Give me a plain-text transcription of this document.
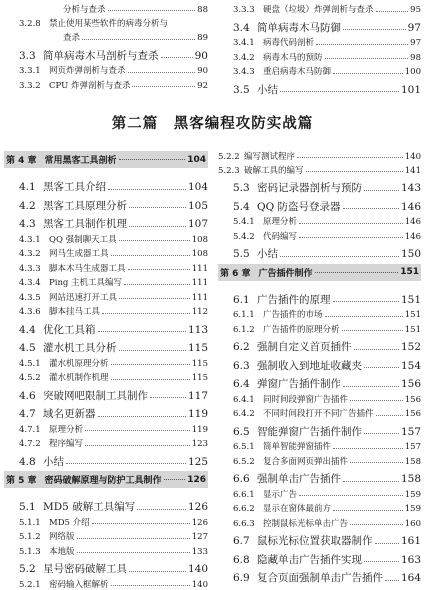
分析与查杀	88
3.2.8 禁止使用某些软件的病毒分析与
查杀	89
3.3 简单病毒木马剖析与查杀	90
3.3.1 网页炸弹剖析与查杀	90
3.3.2 CPU 炸弹剖析与查杀	92
3.3.3 硬盘（垃圾）炸弹剖析与查杀	95
3.4 简单病毒木马防御	97
3.4.1 病毒代码剖析	97
3.4.2 病毒木马的预防	98
3.4.3 重启病毒木马防御	100
3.5 小结	101
第二篇　黑客编程攻防实战篇
第 4 章 常用黑客工具剖析	104
4.1 黑客工具介绍	104
4.2 黑客工具原理分析	105
4.3 黑客工具制作机理	107
4.3.1 QQ 强制聊天工具	108
4.3.2 网马生成器工具	108
4.3.3 脚本木马生成器工具	111
4.3.4 Ping 主机工具编写	111
4.3.5 网站迅速打开工具	111
4.3.6 脚本挂马工具	112
4.4 优化工具箱	113
4.5 灌水机工具分析	115
4.5.1 灌水机原理分析	115
4.5.2 灌水机制作机理	115
4.6 突破网吧限制工具制作	117
4.7 域名更新器	119
4.7.1 原理分析	119
4.7.2 程序编写	123
4.8 小结	125
第 5 章 密码破解原理与防护工具制作	126
5.1 MD5 破解工具编写	126
5.1.1 MD5 介绍	126
5.1.2 网络版	127
5.1.3 本地版	133
5.2 星号密码破解工具	140
5.2.1 密码输入框解析	140
5.2.2 编写测试程序	140
5.2.3 破解工具的编写	141
5.3 密码记录器剖析与预防	143
5.4 QQ 防盗号登录器	146
5.4.1 原理分析	146
5.4.2 代码编写	146
5.5 小结	150
第 6 章 广告插件制作	151
6.1 广告插件的原理	151
6.1.1 广告插件的市场	151
6.1.2 广告插件的原理分析	151
6.2 强制自定义首页插件	152
6.3 强制收入到地址收藏夹	154
6.4 弹窗广告插件制作	156
6.4.1 同时间段弹窗广告插件	156
6.4.2 不同时间段打开不同广告插件	156
6.5 智能弹窗广告插件制作	157
6.5.1 简单智能弹窗插件	157
6.5.2 复合多面网页弹出插件	158
6.6 强制单击广告插件	158
6.6.1 显示广告	159
6.6.2 显示在窗体最前方	159
6.6.3 控制鼠标光标单击广告	160
6.7 鼠标光标位置获取器制作	161
6.8 隐藏单击广告插件实现	163
6.9 复合页面强制单击广告插件 164
